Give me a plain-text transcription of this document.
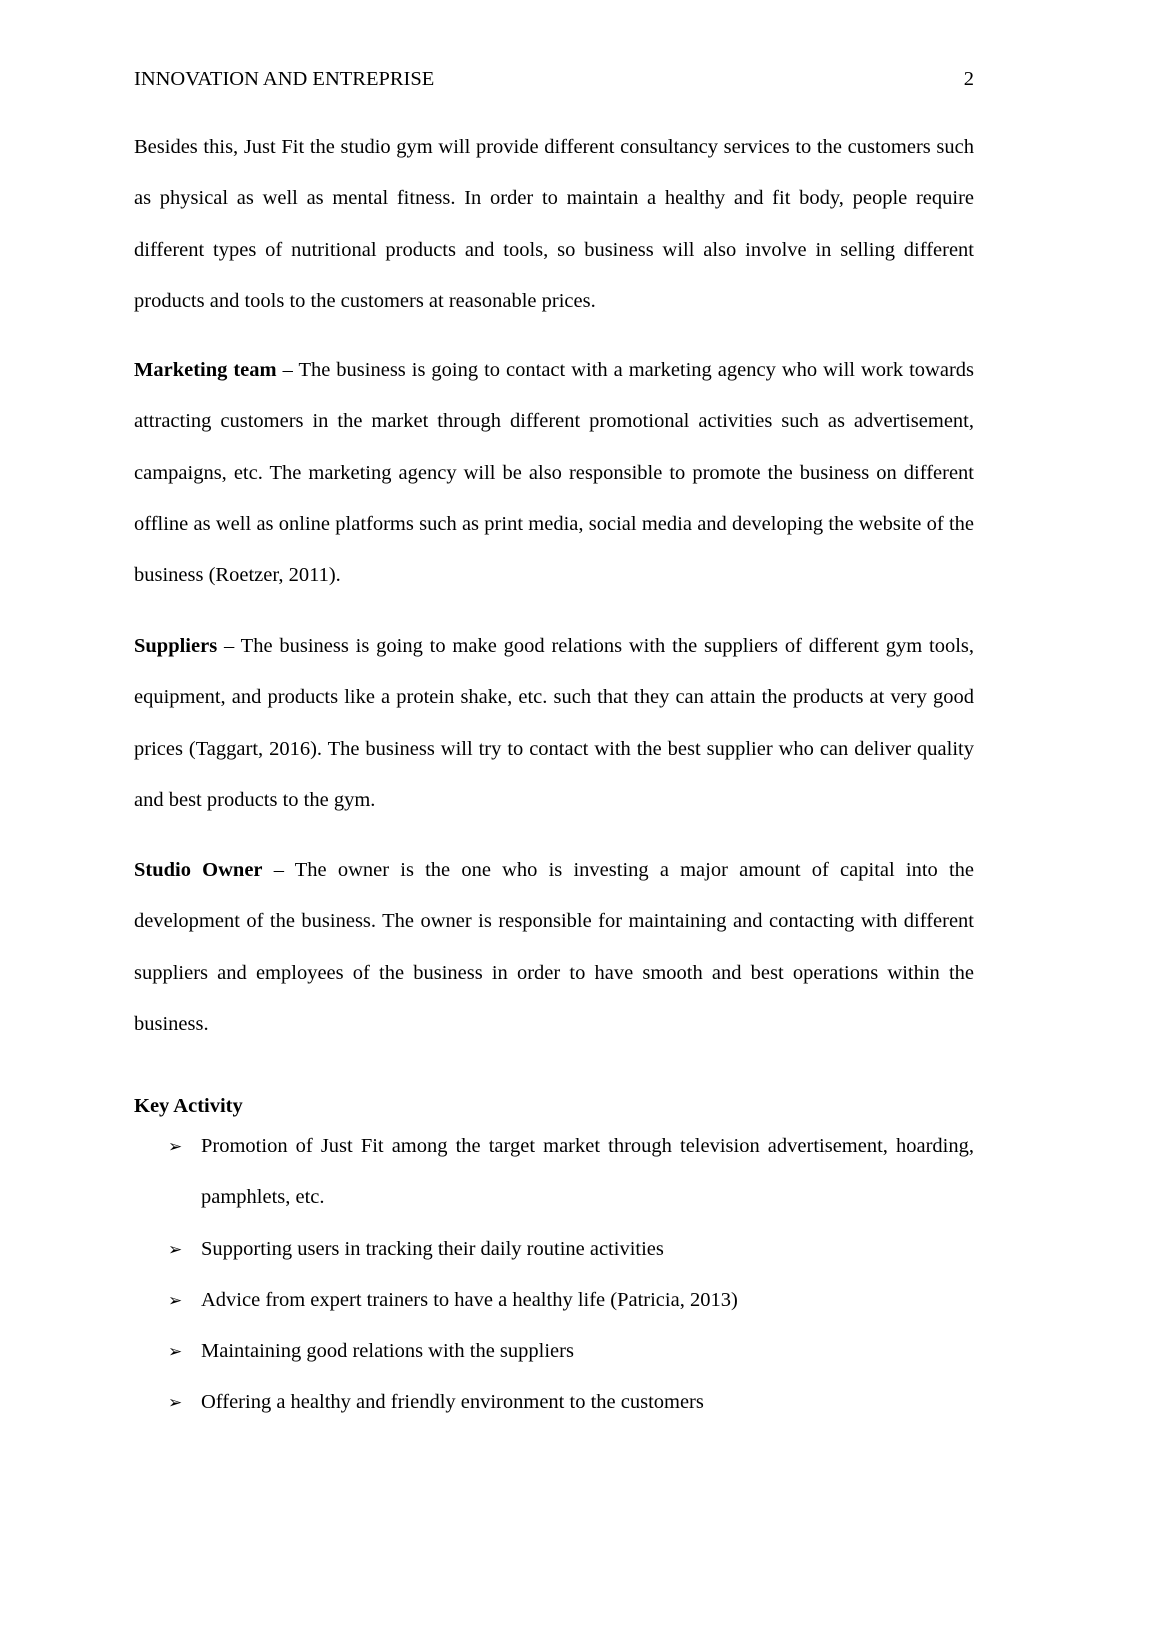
INNOVATION AND ENTREPRISE	2

Besides this, Just Fit the studio gym will provide different consultancy services to the customers such as physical as well as mental fitness. In order to maintain a healthy and fit body, people require different types of nutritional products and tools, so business will also involve in selling different products and tools to the customers at reasonable prices.

Marketing team – The business is going to contact with a marketing agency who will work towards attracting customers in the market through different promotional activities such as advertisement, campaigns, etc. The marketing agency will be also responsible to promote the business on different offline as well as online platforms such as print media, social media and developing the website of the business (Roetzer, 2011).

Suppliers – The business is going to make good relations with the suppliers of different gym tools, equipment, and products like a protein shake, etc. such that they can attain the products at very good prices (Taggart, 2016). The business will try to contact with the best supplier who can deliver quality and best products to the gym.

Studio Owner – The owner is the one who is investing a major amount of capital into the development of the business. The owner is responsible for maintaining and contacting with different suppliers and employees of the business in order to have smooth and best operations within the business.

Key Activity
➢ Promotion of Just Fit among the target market through television advertisement, hoarding, pamphlets, etc.
➢ Supporting users in tracking their daily routine activities
➢ Advice from expert trainers to have a healthy life (Patricia, 2013)
➢ Maintaining good relations with the suppliers
➢ Offering a healthy and friendly environment to the customers
